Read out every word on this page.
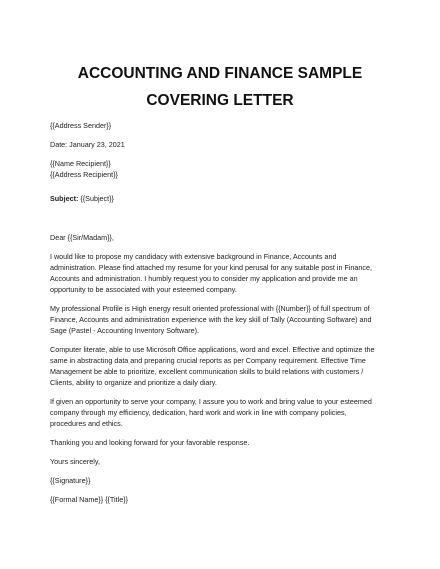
ACCOUNTING AND FINANCE SAMPLE
COVERING LETTER
{{Address Sender}}
Date: January 23, 2021
{{Name Recipient}}
{{Address Recipient}}
Subject: {{Subject}}
Dear {{Sir/Madam}},
I would like to propose my candidacy with extensive background in Finance, Accounts and
administration. Please find attached my resume for your kind perusal for any suitable post in Finance,
Accounts and administration. I humbly request you to consider my application and provide me an
opportunity to be associated with your esteemed company.
My professional Profile is High energy result oriented professional with {{Number}} of full spectrum of
Finance, Accounts and administration experience with the key skill of Tally (Accounting Software) and
Sage (Pastel - Accounting Inventory Software).
Computer literate, able to use Microsoft Office applications, word and excel. Effective and optimize the
same in abstracting data and preparing crucial reports as per Company requirement. Effective Time
Management be able to prioritize, excellent communication skills to build relations with customers /
Clients, ability to organize and prioritize a daily diary.
If given an opportunity to serve your company, I assure you to work and bring value to your esteemed
company through my efficiency, dedication, hard work and work in line with company policies,
procedures and ethics.
Thanking you and looking forward for your favorable response.
Yours sincerely,
{{Signature}}
{{Formal Name}} {{Title}}
